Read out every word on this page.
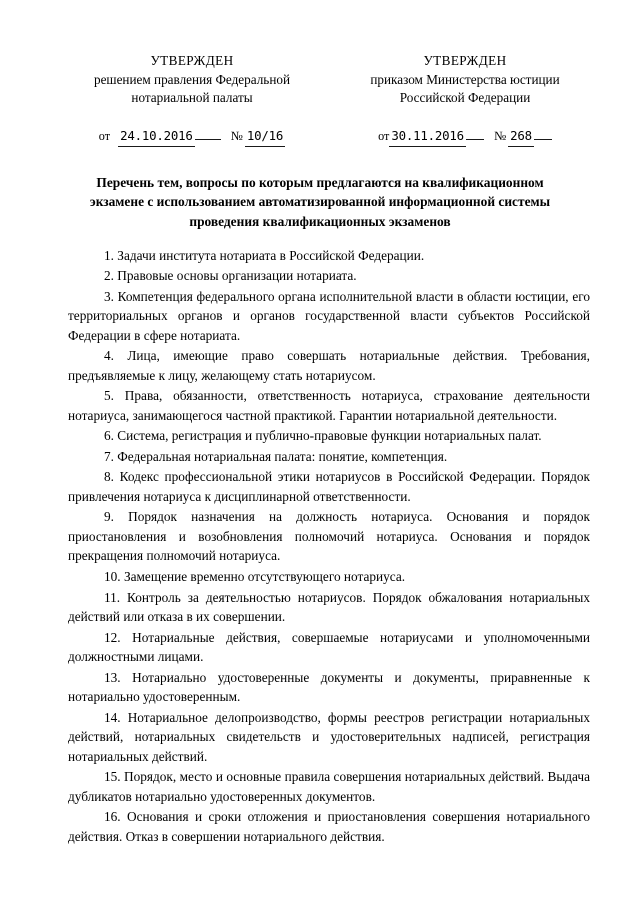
УТВЕРЖДЕН
решением правления Федеральной
нотариальной палаты
от 24.10.2016	№ 10/16
УТВЕРЖДЕН
приказом Министерства юстиции
Российской Федерации
от 30.11.2016 № 268
Перечень тем, вопросы по которым предлагаются на квалификационном
экзамене с использованием автоматизированной информационной системы
проведения квалификационных экзаменов

1. Задачи института нотариата в Российской Федерации.

2. Правовые основы организации нотариата.

3. Компетенция федерального органа исполнительной власти в области юстиции, его территориальных органов и органов государственной власти субъектов Российской Федерации в сфере нотариата.

4. Лица, имеющие право совершать нотариальные действия. Требования, предъявляемые к лицу, желающему стать нотариусом.

5. Права, обязанности, ответственность нотариуса, страхование деятельности нотариуса, занимающегося частной практикой. Гарантии нотариальной деятельности.

6. Система, регистрация и публично-правовые функции нотариальных палат.

7. Федеральная нотариальная палата: понятие, компетенция.

8. Кодекс профессиональной этики нотариусов в Российской Федерации. Порядок привлечения нотариуса к дисциплинарной ответственности.

9. Порядок назначения на должность нотариуса. Основания и порядок приостановления и возобновления полномочий нотариуса. Основания и порядок прекращения полномочий нотариуса.

10. Замещение временно отсутствующего нотариуса.

11. Контроль за деятельностью нотариусов. Порядок обжалования нотариальных действий или отказа в их совершении.

12. Нотариальные действия, совершаемые нотариусами и уполномоченными должностными лицами.

13. Нотариально удостоверенные документы и документы, приравненные к нотариально удостоверенным.

14. Нотариальное делопроизводство, формы реестров регистрации нотариальных действий, нотариальных свидетельств и удостоверительных надписей, регистрация нотариальных действий.

15. Порядок, место и основные правила совершения нотариальных действий. Выдача дубликатов нотариально удостоверенных документов.

16. Основания и сроки отложения и приостановления совершения нотариального действия. Отказ в совершении нотариального действия.
